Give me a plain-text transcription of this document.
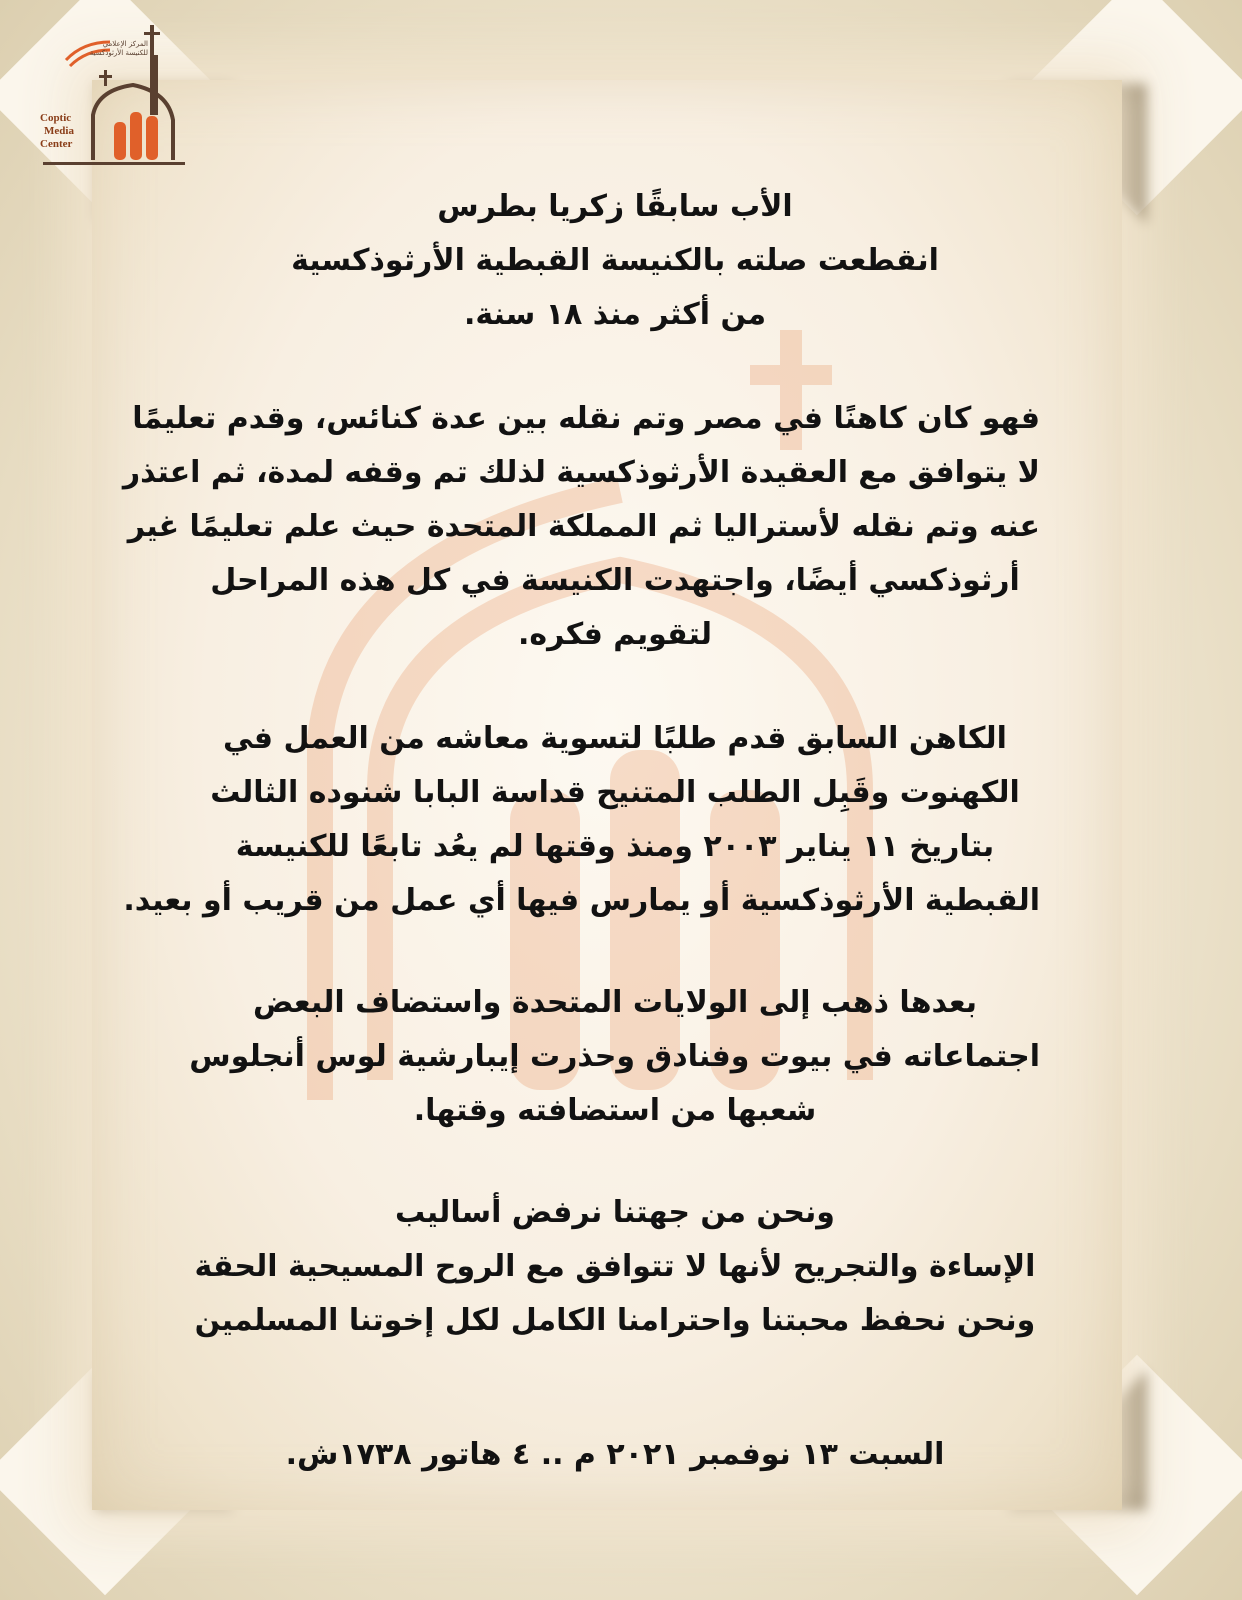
المركز الإعلامي
للكنيسة الأرثوذكسية
Coptic
Media
Center
الأب سابقًا زكريا بطرس
انقطعت صلته بالكنيسة القبطية الأرثوذكسية
من أكثر منذ ١٨ سنة.
فهو كان كاهنًا في مصر وتم نقله بين عدة كنائس، وقدم تعليمًا
لا يتوافق مع العقيدة الأرثوذكسية لذلك تم وقفه لمدة، ثم اعتذر
عنه وتم نقله لأستراليا ثم المملكة المتحدة حيث علم تعليمًا غير
أرثوذكسي أيضًا، واجتهدت الكنيسة في كل هذه المراحل
لتقويم فكره.
الكاهن السابق قدم طلبًا لتسوية معاشه من العمل في
الكهنوت وقَبِل الطلب المتنيح قداسة البابا شنوده الثالث
بتاريخ ١١ يناير ٢٠٠٣ ومنذ وقتها لم يعُد تابعًا للكنيسة
القبطية الأرثوذكسية أو يمارس فيها أي عمل من قريب أو بعيد.
بعدها ذهب إلى الولايات المتحدة واستضاف البعض
اجتماعاته في بيوت وفنادق وحذرت إيبارشية لوس أنجلوس
شعبها من استضافته وقتها.
ونحن من جهتنا نرفض أساليب
الإساءة والتجريح لأنها لا تتوافق مع الروح المسيحية الحقة
ونحن نحفظ محبتنا واحترامنا الكامل لكل إخوتنا المسلمين
السبت ١٣ نوفمبر ٢٠٢١ م .. ٤ هاتور ١٧٣٨ش.
